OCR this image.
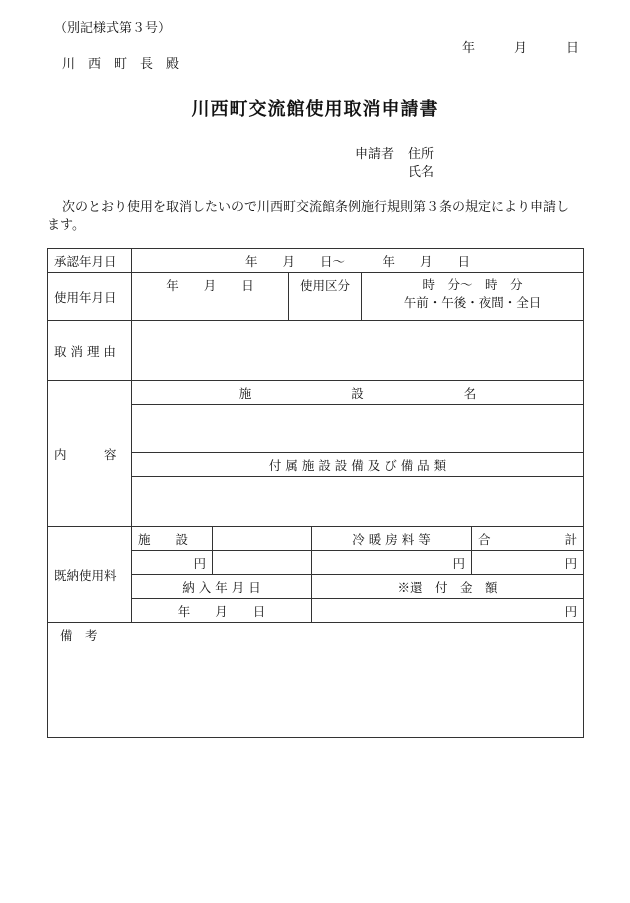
（別記様式第３号）
年　　　月　　　日
川　西　町　長　殿
川西町交流館使用取消申請書
申請者 住所
氏名
次のとおり使用を取消したいので川西町交流館条例施行規則第３条の規定により申請し
ます。
承認年月日	年　　月　　日〜　　　年　　月　　日					
使用年月日	年　　月　　日		使用区分		時　分〜　時　分
午前・午後・夜間・全日	

取 消 理 由						
内　　　容	施　　　　　　　　設　　　　　　　　名					

	付 属 施 設 設 備 及 び 備 品 類					

既納使用料	施　　設			冷 暖 房 料 等		合 計

	円			円		円
	納 入 年 月 日			※還　付　金　額		
	年　　月　　日			円		
備　考						
